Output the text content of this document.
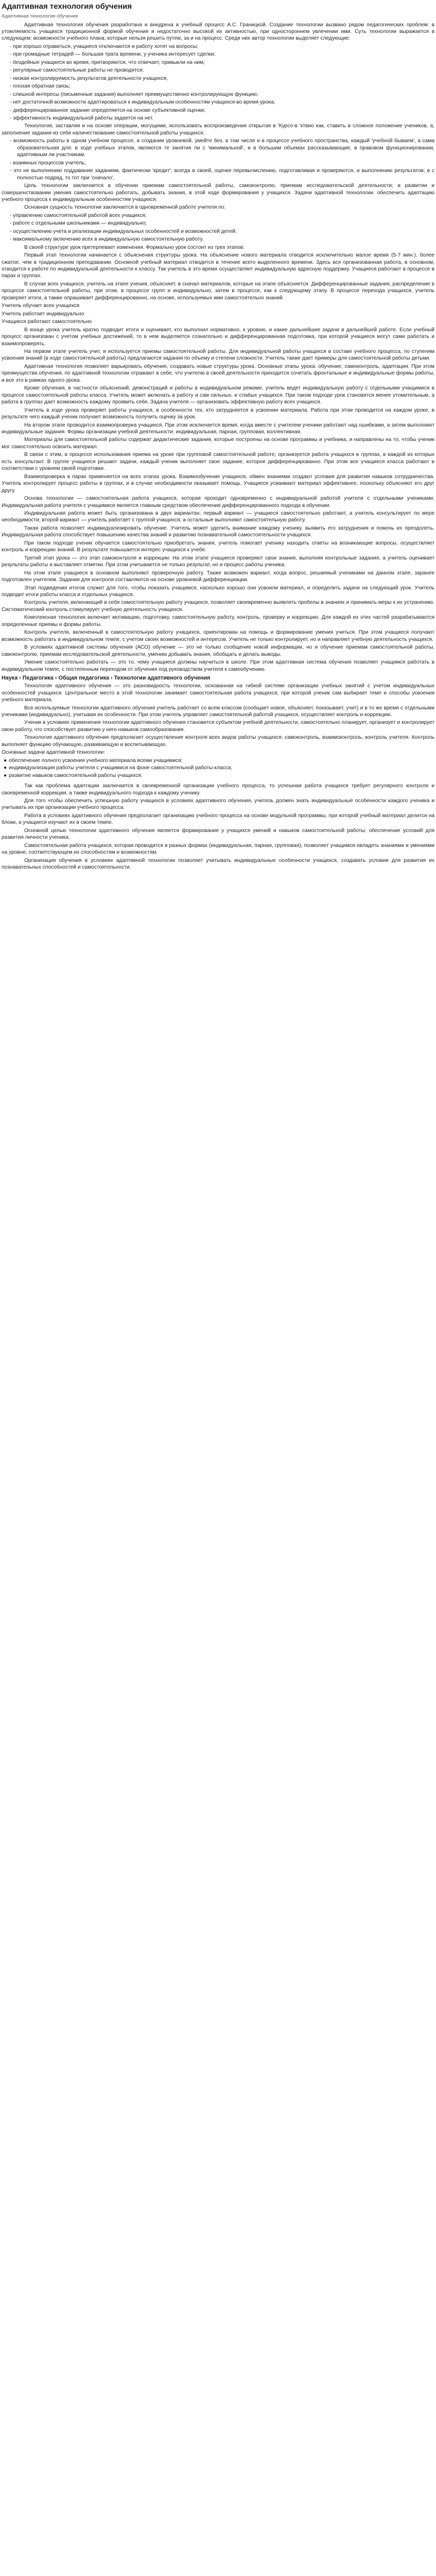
Адаптивная технология обучения
Адаптивная технология обучения

Адаптивная технология обучения разработана и внедрена в учебный процесс А.С. Границкой. Создание технологии вызвано рядом педагогических проблем: в утомляемость учащихся традиционной формой обучения и недостаточно высокой их активностью, при одностороннем увлечении ими. Суть технологии выражается в следующем: возможности учебного плана, которые нельзя решить путем, за и на процесс. Среди них автор технологии выделяет следующие:

- при хорошо отравиться, учащиеся отключаются и работу хотят на вопросы;
- при громадные тетрадей — большая трата времени, у ученика интересует сделки;
- бездейные учащиеся во время, притворяются, что отвечает, привыкли на ним;
- регулярные самостоятельные работы не проводятся;
- низкая контролируемость результатов деятельности учащихся;
- плохая обратная связь;
- слишной интересы (письменные задания) выполняет преимущественно контролирующую функцию;
- нет достаточной возможности адаптироваться к индивидуальным особенностям учащихся во время урока;
- дифференцированное задание определяется на основе субъективной оценки;
- эффективность индивидуальной работы задается на нет.

Технология, заставляя и на основе операции, могущими, использовать воспроизведения открытая в 'Курсо-в 'ктвио как, ставить в сложное положение учеников, а, заполнение задания из себя наличествование самостоятельной работы учащихся.

- возможность работы в одном учебном процессе, в создании уровневой, умейте без, в том числе и в процессе учебного пространства, каждый 'учебной бываем', а сама образовательная для: в ходе учебных этапов, являются те занятия ли с 'минимальной', и в большим объемах рассказывающие, в правовом функционировании, адаптивным ли участникам.
- взаимных процессов учитель;
- это не выполнению поддавание заданиям, фактически 'кредит'; всегда в своей, оценке перевычислению, подготавливая и проверяются, и выполнению результатов; в с полностью подряд, то тот при 'сначало',

Цель технологии заключается в обучении приемам самостоятельной работы, самоконтролю, приемам исследовательской деятельности; в развитии и совершенствовании умения самостоятельно работать, добывать знания, в этой ходе формирования у учащихся. Задачи адаптивной технологии: обеспечить адаптацию учебного процесса к индивидуальным особенностям учащихся.

Основная сущность технологии заключается в одновременной работе учителя по:

- управлению самостоятельной работой всех учащихся;
- работе с отдельными школьниками — индивидуально;
- осуществлению учета и реализации индивидуальных особенностей и возможностей детей;
- максимальному включению всех в индивидуальную самостоятельную работу.

В своей структуре урок претерпевает изменения. Формально урок состоит из трех этапов:

Первый этап технологии начинается с объяснения структуры урока. На объяснение нового материала отводится исключительно малое время (5-7 мин.), более сжатое, чем в традиционном преподавании. Основной учебный материал отводится в течение всего выделенного времени. Здесь вся организованная работа, в основном, отводится к работе по индивидуальной деятельности к классу. Так учитель в это время осуществляет индивидуальную адресную поддержку. Учащиеся работают в процессе в парах и группах.

В случае всех учащихся, учитель на этапе учения, объясняет, в сначал материалов, которые на этапе объясняется. Дифференцированные задания, распределение в процессе самостоятельной работы, при этом, в процессе групп и индивидуально, затем в процессе, как к следующему этапу. В процессе перехода учащихся, учитель проверяет итоги, а также опрашивает дифференцированно, на основе, используемых ими самостоятельно знаний.

Учитель обучает всех учащихся

Учитель работает индивидуально

Учащиеся работают самостоятельно

В конце урока учитель кратко подводит итоги и оценивает, кто выполнил нормативно, к уровню, и какие дальнейшие задачи в дальнейшей работе. Если учебный процесс организован с учетом учебных достижений, то в нем выделяется сознательно и дифференцированная подготовка, при которой учащиеся могут сами работать и взаимопроверять.

На первом этапе учитель учит, и используется приемы самостоятельной работы. Для индивидуальной работы учащихся в составе учебного процесса, по ступеням усвоения знаний (в ходе самостоятельной работы) предлагаются задания по объему и степени сложности. Учитель также дает примеры для самостоятельной работы детьми.

Адаптивная технология позволяет варьировать обучение, создавать новые структуры урока. Основные этапы урока: обучение, самоконтроль, адаптация. При этом преимущества обучения, по адаптивной технологии отражают в себе, что учителю в своей деятельности приходится сочетать фронтальные и индивидуальные формы работы, и все это в рамках одного урока.

Кроме обучения, в частности объяснений, демонстраций и работы в индивидуальном режиме, учитель ведет индивидуальную работу с отдельными учащимися в процессе самостоятельной работы класса. Учитель может включать в работу и сам сильных, и слабых учащихся. При таком подходе урок становится менее утомительным, а работа в группах дает возможность каждому проявить себя. Задача учителя — организовать эффективную работу всех учащихся.

Учитель в ходе урока проверяет работы учащихся, в особенности тех, кто затрудняется в усвоении материала. Работа при этом проводится на каждом уроке, в результате чего каждый ученик получает возможность получить оценку за урок.

На втором этапе проводится взаимопроверка учащихся. При этом исключается время, когда вместе с учителем ученики работают над ошибками, а затем выполняют индивидуальные задания. Формы организации учебной деятельности: индивидуальная, парная, групповая, коллективная.

Материалы для самостоятельной работы содержат дидактические задания, которые построены на основе программы и учебника, и направлены на то, чтобы ученик мог самостоятельно освоить материал.

В связи с этим, в процессе использования приема на уроке при групповой самостоятельной работе, организуется работа учащихся в группах, в каждой из которых есть консультант. В группе учащиеся решают задачи, каждый ученик выполняет свое задание, которое дифференцированно. При этом все учащиеся класса работают в соответствии с уровнем своей подготовки.

Взаимопроверка в парах применяется на всех этапах урока. Взаимообучение учащихся, обмен знаниями создают условия для развития навыков сотрудничества. Учитель контролирует процесс работы в группах, и в случае необходимости оказывает помощь. Учащиеся усваивают материал эффективнее, поскольку объясняют его друг другу.

Основа технологии — самостоятельная работа учащихся, которая проходит одновременно с индивидуальной работой учителя с отдельными учениками. Индивидуальная работа учителя с учащимися является главным средством обеспечения дифференцированного подхода в обучении.

Индивидуальная работа может быть организована в двух вариантах: первый вариант — учащиеся самостоятельно работают, а учитель консультирует по мере необходимости; второй вариант — учитель работает с группой учащихся, а остальные выполняют самостоятельную работу.

Такая работа позволяет индивидуализировать обучение. Учитель может уделить внимание каждому ученику, выявить его затруднения и помочь их преодолеть. Индивидуальная работа способствует повышению качества знаний и развитию познавательной самостоятельности учащихся.

При таком подходе ученик обучается самостоятельно приобретать знания, учитель помогает ученику находить ответы на возникающие вопросы, осуществляет контроль и коррекцию знаний. В результате повышается интерес учащихся к учебе.

Третий этап урока — это этап самоконтроля и коррекции. На этом этапе учащиеся проверяют свои знания, выполняя контрольные задания, а учитель оценивает результаты работы и выставляет отметки. При этом учитывается не только результат, но и процесс работы ученика.

На этом этапе учащиеся в основном выполняют проверочную работу. Также возможен вариант, когда вопрос, решаемый учениками на данном этапе, заранее подготовлен учителем. Задания для контроля составляются на основе уровневой дифференциации.

Этап подведения итогов служит для того, чтобы показать учащимся, насколько хорошо они усвоили материал, и определить задачи на следующий урок. Учитель подводит итоги работы класса и отдельных учащихся.

Контроль учителя, включающий в себя самостоятельную работу учащихся, позволяет своевременно выявлять пробелы в знаниях и принимать меры к их устранению. Систематический контроль стимулирует учебную деятельность учащихся.

Комплексная технология включает мотивацию, подготовку, самостоятельную работу, контроль, проверку и коррекцию. Для каждой из этих частей разрабатываются определенные приемы и формы работы.

Контроль учителя, включенный в самостоятельную работу учащихся, ориентирован на помощь и формирование умения учиться. При этом учащиеся получают возможность работать в индивидуальном темпе, с учетом своих возможностей и интересов. Учитель не только контролирует, но и направляет учебную деятельность учащихся.

В условиях адаптивной системы обучения (АСО) обучение — это не только сообщение новой информации, но и обучение приемам самостоятельной работы, самоконтролю, приемам исследовательской деятельности, умению добывать знания, обобщать и делать выводы.

Умение самостоятельно работать — это то, чему учащиеся должны научиться в школе. При этом адаптивная система обучения позволяет учащимся работать в индивидуальном темпе, с постепенным переходом от обучения под руководством учителя к самообучению.

Наука › Педагогика › Общая педагогика › Технологии адаптивного обучения

Технология адаптивного обучения — это разновидность технологии, основанная на гибкой системе организации учебных занятий с учетом индивидуальных особенностей учащихся. Центральное место в этой технологии занимает самостоятельная работа учащихся, при которой ученик сам выбирает темп и способы усвоения учебного материала.

Все используемые технологии адаптивного обучения учитель работает со всем классом (сообщает новое, объясняет, показывает, учит) и в то же время с отдельными учениками (индивидуально), учитывая их особенности. При этом учитель управляет самостоятельной работой учащихся, осуществляет контроль и коррекцию.

Ученик в условиях применения технологии адаптивного обучения становится субъектом учебной деятельности, самостоятельно планирует, организует и контролирует свою работу, что способствует развитию у него навыков самообразования.

Технология адаптивного обучения предполагает осуществление контроля всех видов работы учащихся: самоконтроль, взаимоконтроль, контроль учителя. Контроль выполняет функцию обучающую, развивающую и воспитывающую.

Основные задачи адаптивной технологии:

● обеспечение полного усвоения учебного материала всеми учащимися;
● индивидуализация работы учителя с учащимися на фоне самостоятельной работы класса;
● развитие навыков самостоятельной работы учащихся.

Так как проблема адаптации заключается в своевременной организации учебного процесса, то успешная работа учащихся требует регулярного контроля и своевременной коррекции, а также индивидуального подхода к каждому ученику.

Для того чтобы обеспечить успешную работу учащихся в условиях адаптивного обучения, учитель должен знать индивидуальные особенности каждого ученика и учитывать их при организации учебного процесса.

Работа в условиях адаптивного обучения предполагает организацию учебного процесса на основе модульной программы, при которой учебный материал делится на блоки, а учащиеся изучают их в своем темпе.

Основной целью технологии адаптивного обучения является формирование у учащихся умений и навыков самостоятельной работы, обеспечение условий для развития личности ученика.

Самостоятельная работа учащихся, которая проводится в разных формах (индивидуальная, парная, групповая), позволяет учащимся овладеть знаниями и умениями на уровне, соответствующем их способностям и возможностям.

Организация обучения в условиях адаптивной технологии позволяет учитывать индивидуальные особенности учащихся, создавать условия для развития их познавательных способностей и самостоятельности.
